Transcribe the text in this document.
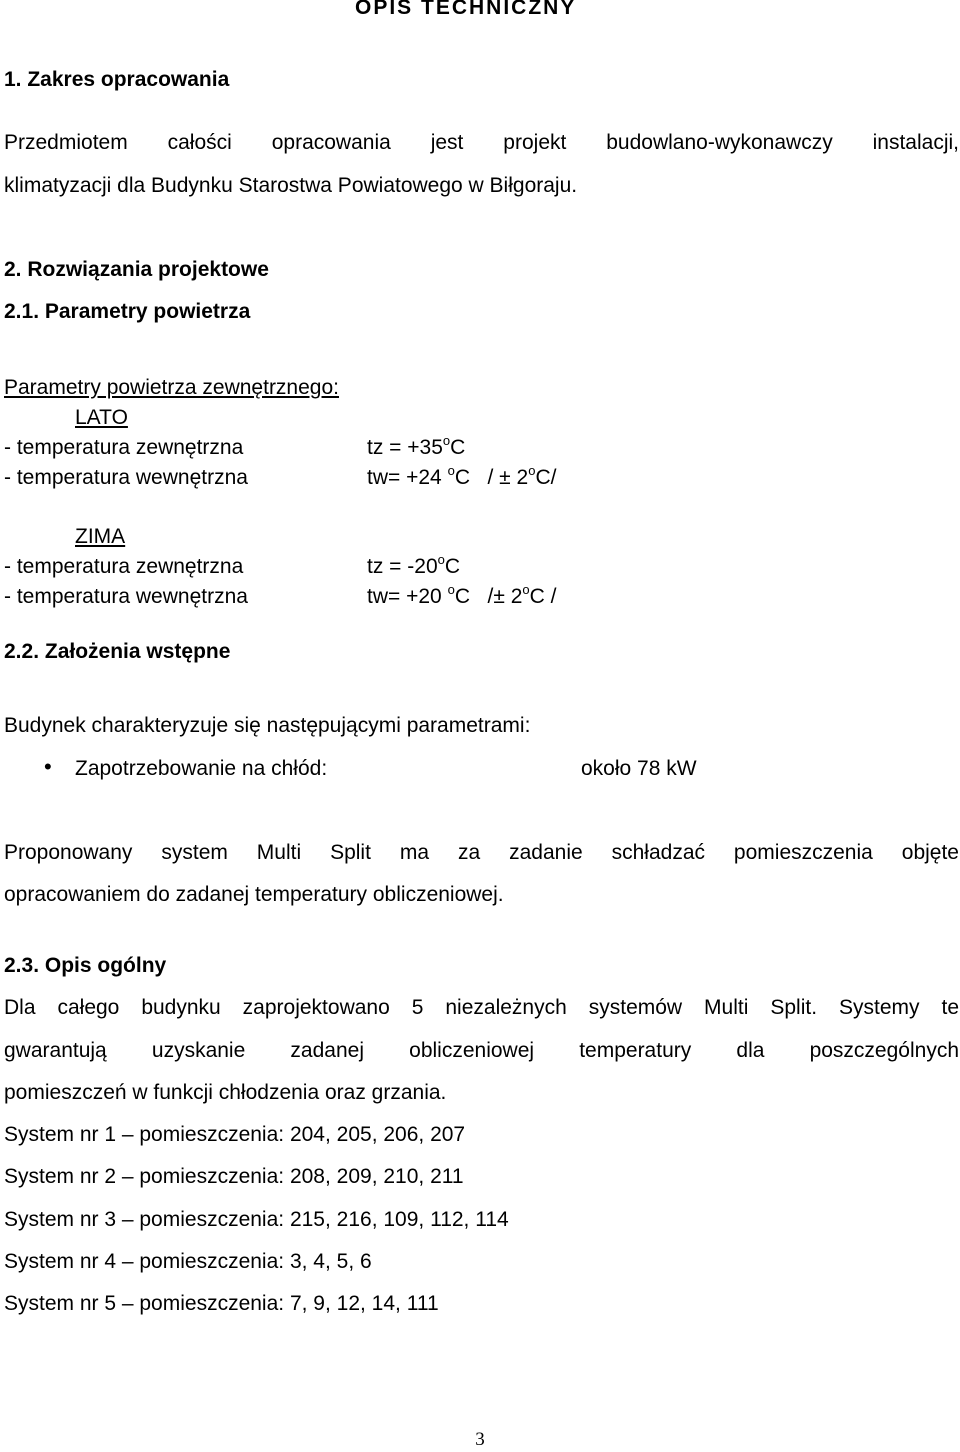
OPIS TECHNICZNY

1. Zakres opracowania

Przedmiotem całości opracowania jest projekt budowlano-wykonawczy instalacji,

klimatyzacji dla Budynku Starostwa Powiatowego w Biłgoraju.

2. Rozwiązania projektowe

2.1. Parametry powietrza

Parametry powietrza zewnętrznego:

LATO

- temperatura zewnętrzna	tz = $+35^oC$

- temperatura wewnętrzna	tw= +24 $^o$C / ± $2^oC/$

ZIMA

- temperatura zewnętrzna	tz = $-20^oC$

- temperatura wewnętrzna	tw= +20 $^oC /\pm 2^oC$ /

2.2. Założenia wstępne

Budynek charakteryzuje się następującymi parametrami:

• Zapotrzebowanie na chłód:	około 78 kW

Proponowany system Multi Split ma za zadanie schładzać pomieszczenia objęte

opracowaniem do zadanej temperatury obliczeniowej.

2.3. Opis ogólny

Dla całego budynku zaprojektowano 5 niezależnych systemów Multi Split. Systemy te

gwarantują uzyskanie zadanej obliczeniowej temperatury dla poszczególnych

pomieszczeń w funkcji chłodzenia oraz grzania.

System nr 1 – pomieszczenia: 204, 205, 206, 207

System nr 2 – pomieszczenia: 208, 209, 210, 211

System nr 3 – pomieszczenia: 215, 216, 109, 112, 114

System nr 4 – pomieszczenia: 3, 4, 5, 6

System nr 5 – pomieszczenia: 7, 9, 12, 14, 111

3
